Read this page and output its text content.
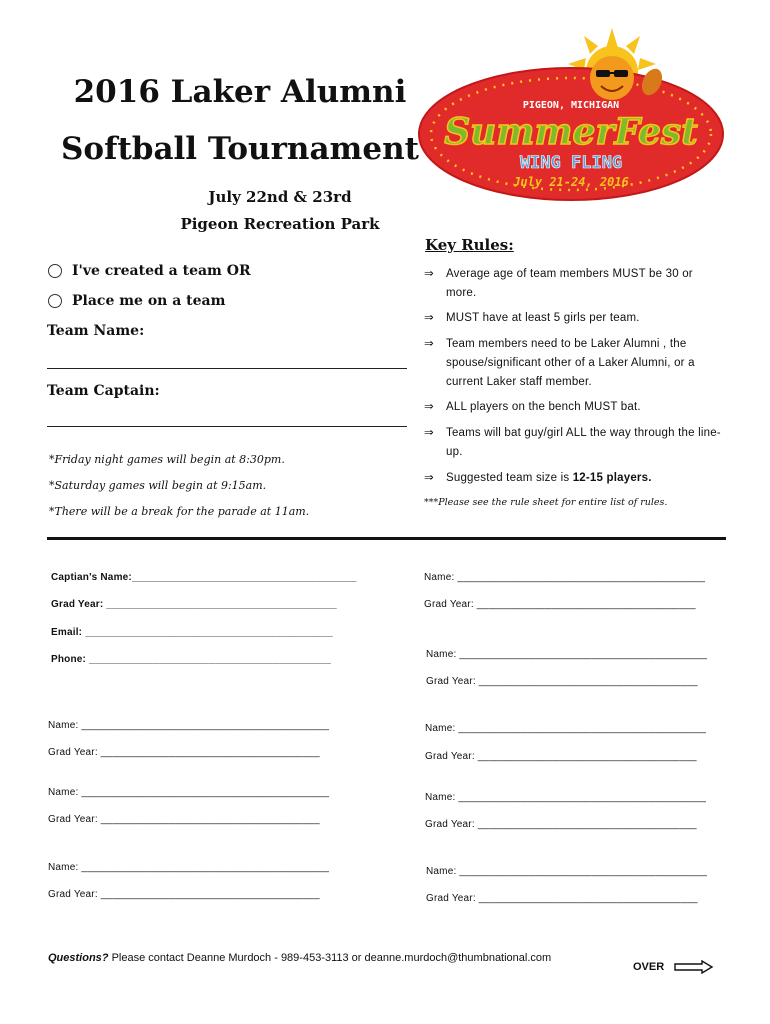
2016 Laker Alumni
Softball Tournament
July 22nd & 23rd
Pigeon Recreation Park
PIGEON, MICHIGAN
SummerFest
WING FLING
July 21-24, 2016
I've created a team OR
Place me on a team
Team Name:
Team Captain:
*Friday night games will begin at 8:30pm.
*Saturday games will begin at 9:15am.
*There will be a break for the parade at 11am.
Key Rules:
⇒	Average age of team members MUST be 30 or more.
⇒	MUST have at least 5 girls per team.
⇒	Team members need to be Laker Alumni , the spouse/significant other of a Laker Alumni, or a current Laker staff member.
⇒	ALL players on the bench MUST bat.
⇒	Teams will bat guy/girl ALL the way through the line-up.
⇒	Suggested team size is 12-15 players.
***Please see the rule sheet for entire list of rules.
Captian's Name:_______________________________________
Grad Year: ________________________________________
Email: ___________________________________________
Phone: __________________________________________
Name: ___________________________________________
Grad Year: ______________________________________
Name: ___________________________________________
Grad Year: ______________________________________
Name: ___________________________________________
Grad Year: ______________________________________
Name: ___________________________________________
Grad Year: ______________________________________
Name: ___________________________________________
Grad Year: ______________________________________
Name: ___________________________________________
Grad Year: ______________________________________
Name: ___________________________________________
Grad Year: ______________________________________
Name: ___________________________________________
Grad Year: ______________________________________
Questions? Please contact Deanne Murdoch - 989-453-3113 or deanne.murdoch@thumbnational.com
OVER
